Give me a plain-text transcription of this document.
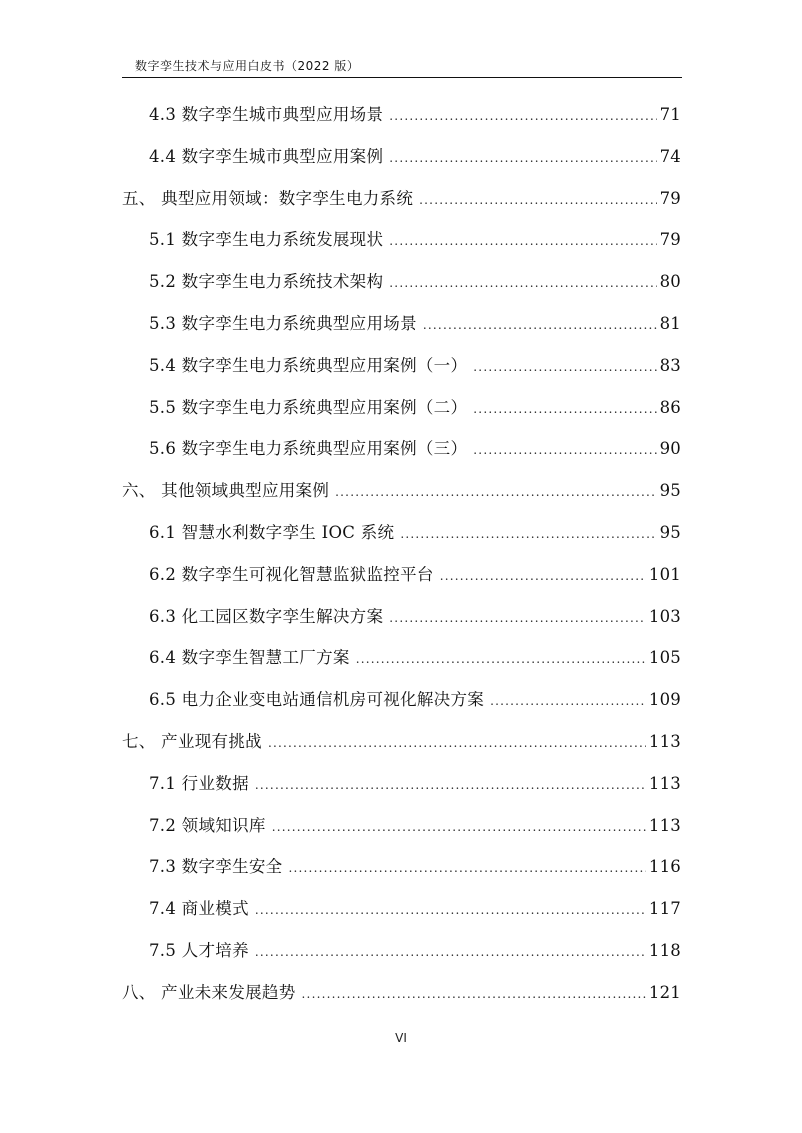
数字孪生技术与应用白皮书（2022 版）
4.3 数字孪生城市典型应用场景 .....	71
4.4 数字孪生城市典型应用案例 .....	74
五、 典型应用领域：数字孪生电力系统 .....	79
5.1 数字孪生电力系统发展现状 .....	79
5.2 数字孪生电力系统技术架构 .....	80
5.3 数字孪生电力系统典型应用场景 .....	81
5.4 数字孪生电力系统典型应用案例（一） .....	83
5.5 数字孪生电力系统典型应用案例（二） .....	86
5.6 数字孪生电力系统典型应用案例（三） .....	90
六、 其他领域典型应用案例 .....	95
6.1 智慧水利数字孪生 IOC 系统 .....	95
6.2 数字孪生可视化智慧监狱监控平台 .....	101
6.3 化工园区数字孪生解决方案 .....	103
6.4 数字孪生智慧工厂方案 .....	105
6.5 电力企业变电站通信机房可视化解决方案 .....	109
七、 产业现有挑战 .....	113
7.1 行业数据 .....	113
7.2 领域知识库 .....	113
7.3 数字孪生安全 .....	116
7.4 商业模式 .....	117
7.5 人才培养 .....	118
八、 产业未来发展趋势 .....	121
VI
